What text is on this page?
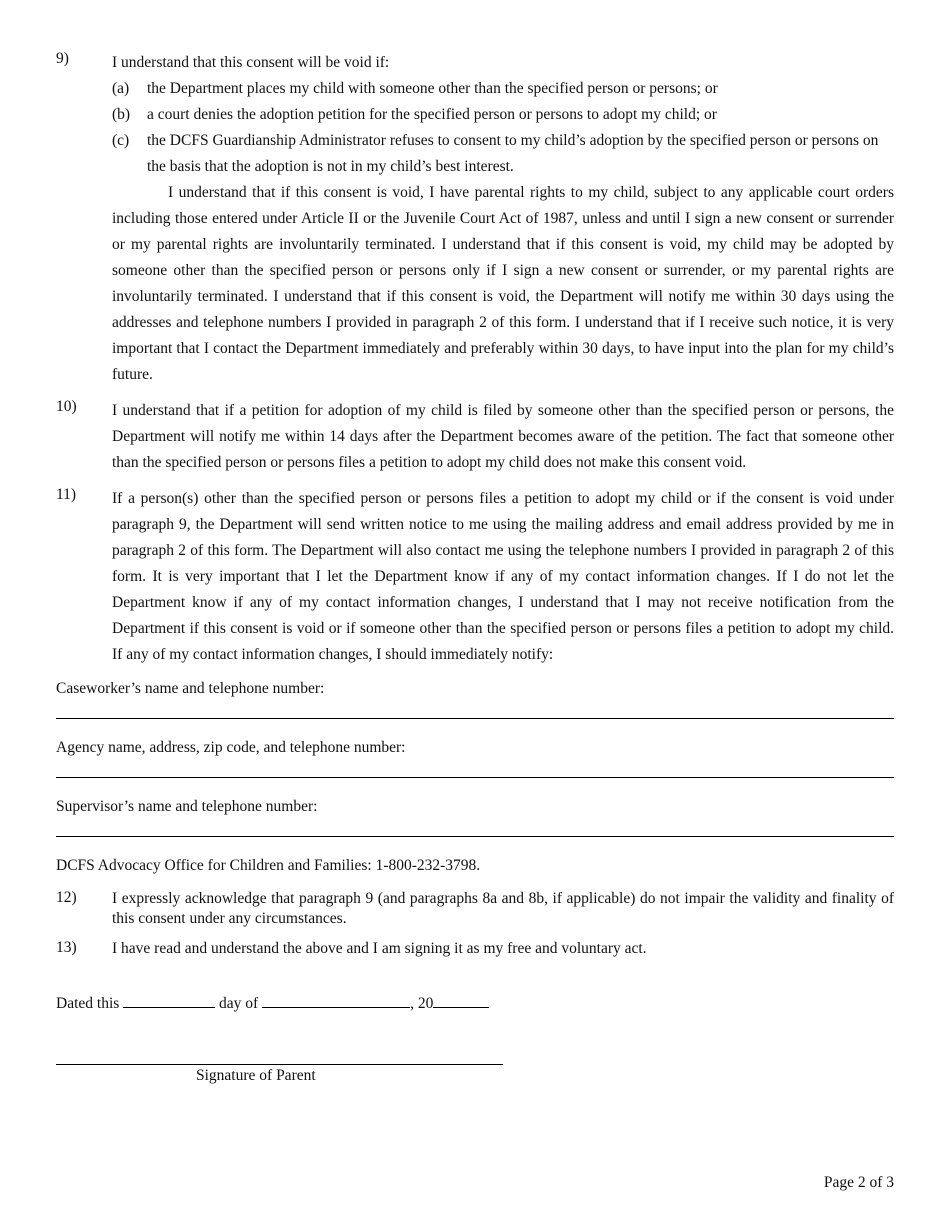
9)	I understand that this consent will be void if:
(a)	the Department places my child with someone other than the specified person or persons; or
(b)	a court denies the adoption petition for the specified person or persons to adopt my child; or
(c)	the DCFS Guardianship Administrator refuses to consent to my child’s adoption by the specified person or persons on the basis that the adoption is not in my child’s best interest.
I understand that if this consent is void, I have parental rights to my child, subject to any applicable court orders including those entered under Article II or the Juvenile Court Act of 1987, unless and until I sign a new consent or surrender or my parental rights are involuntarily terminated. I understand that if this consent is void, my child may be adopted by someone other than the specified person or persons only if I sign a new consent or surrender, or my parental rights are involuntarily terminated. I understand that if this consent is void, the Department will notify me within 30 days using the addresses and telephone numbers I provided in paragraph 2 of this form. I understand that if I receive such notice, it is very important that I contact the Department immediately and preferably within 30 days, to have input into the plan for my child’s future.
10)	I understand that if a petition for adoption of my child is filed by someone other than the specified person or persons, the Department will notify me within 14 days after the Department becomes aware of the petition. The fact that someone other than the specified person or persons files a petition to adopt my child does not make this consent void.
11)	If a person(s) other than the specified person or persons files a petition to adopt my child or if the consent is void under paragraph 9, the Department will send written notice to me using the mailing address and email address provided by me in paragraph 2 of this form. The Department will also contact me using the telephone numbers I provided in paragraph 2 of this form. It is very important that I let the Department know if any of my contact information changes. If I do not let the Department know if any of my contact information changes, I understand that I may not receive notification from the Department if this consent is void or if someone other than the specified person or persons files a petition to adopt my child. If any of my contact information changes, I should immediately notify:
Caseworker’s name and telephone number:
Agency name, address, zip code, and telephone number:
Supervisor’s name and telephone number:
DCFS Advocacy Office for Children and Families: 1-800-232-3798.
12)	I expressly acknowledge that paragraph 9 (and paragraphs 8a and 8b, if applicable) do not impair the validity and finality of this consent under any circumstances.
13)	I have read and understand the above and I am signing it as my free and voluntary act.
Dated this	day of	, 20
Signature of Parent
Page 2 of 3
